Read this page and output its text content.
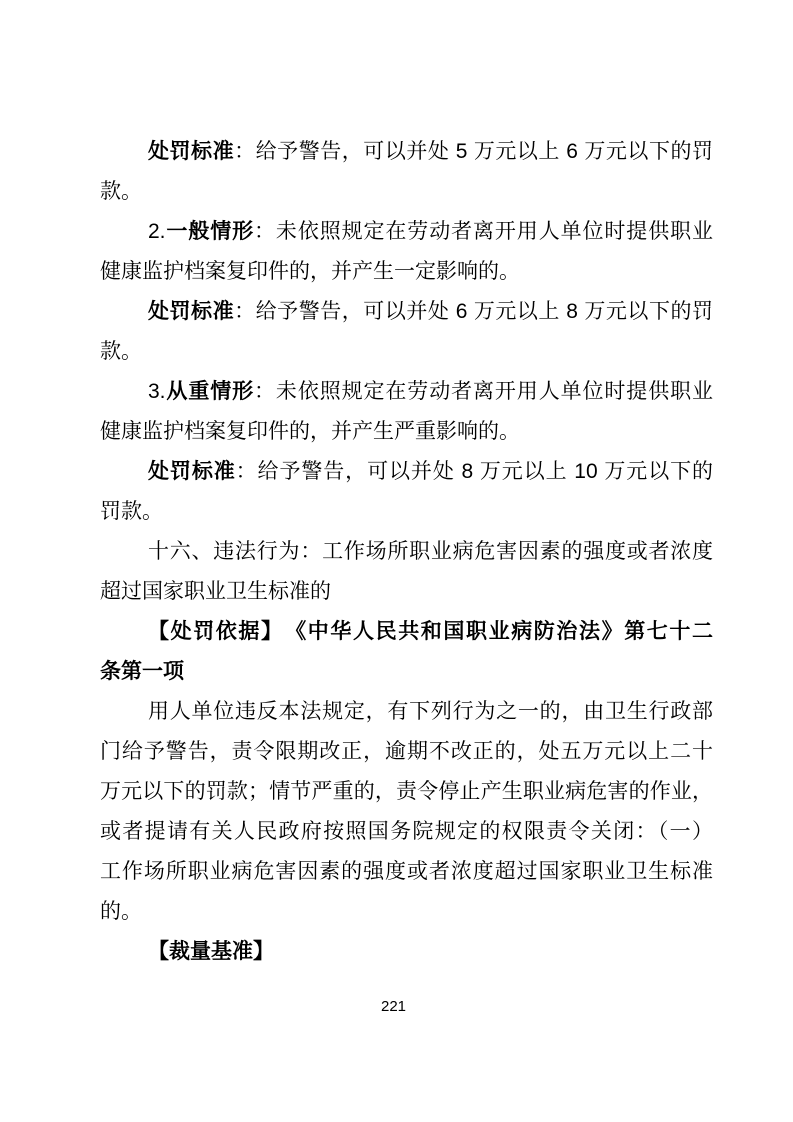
处罚标准：给予警告，可以并处 5 万元以上 6 万元以下的罚
款。
2.一般情形：未依照规定在劳动者离开用人单位时提供职业
健康监护档案复印件的，并产生一定影响的。
处罚标准：给予警告，可以并处 6 万元以上 8 万元以下的罚
款。
3.从重情形：未依照规定在劳动者离开用人单位时提供职业
健康监护档案复印件的，并产生严重影响的。
处罚标准：给予警告，可以并处 8 万元以上 10 万元以下的
罚款。
十六、违法行为：工作场所职业病危害因素的强度或者浓度
超过国家职业卫生标准的
【处罚依据】　《中华人民共和国职业病防治法》第七十二
条第一项
用人单位违反本法规定，有下列行为之一的，由卫生行政部
门给予警告，责令限期改正，逾期不改正的，处五万元以上二十
万元以下的罚款；情节严重的，责令停止产生职业病危害的作业，
或者提请有关人民政府按照国务院规定的权限责令关闭：（一）
工作场所职业病危害因素的强度或者浓度超过国家职业卫生标准
的。
【裁量基准】
221
